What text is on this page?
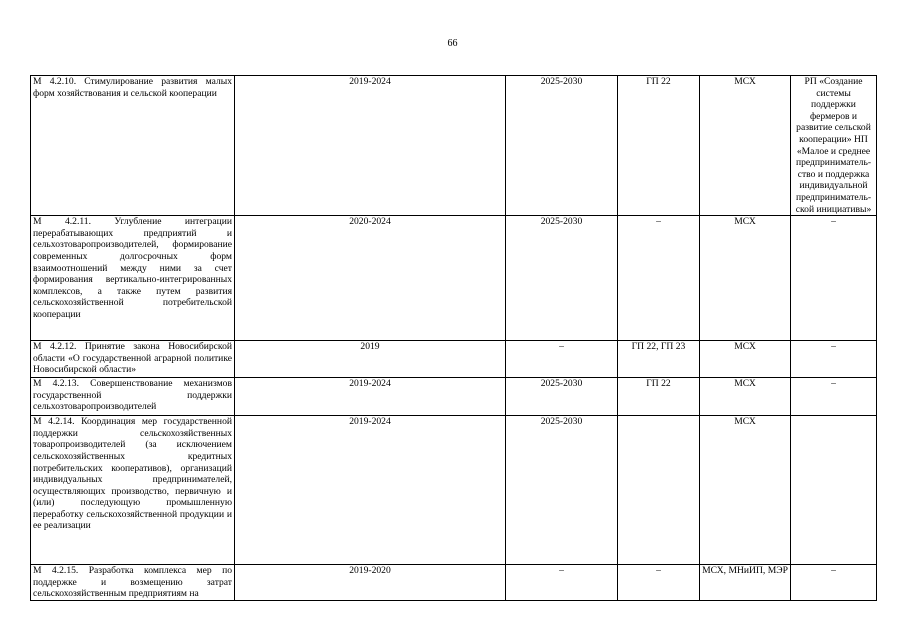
66
М 4.2.10. Стимулирование развития малых форм хозяйствования и сельской кооперации	2019-2024	2025-2030	ГП 22	МСХ	РП «Создание системы поддержки фермеров и развитие сельской кооперации» НП «Малое и среднее предприниматель-ство и поддержка индивидуальной предприниматель-ской инициативы»
М 4.2.11. Углубление интеграции перерабатывающих предприятий и сельхозтоваропроизводителей, формирование современных долгосрочных форм взаимоотношений между ними за счет формирования вертикально-интегрированных комплексов, а также путем развития сельскохозяйственной потребительской кооперации	2020-2024	2025-2030	–	МСХ	–
М 4.2.12. Принятие закона Новосибирской области «О государственной аграрной политике Новосибирской области»	2019	–	ГП 22, ГП 23	МСХ	–
М 4.2.13. Совершенствование механизмов государственной поддержки сельхозтоваропроизводителей	2019-2024	2025-2030	ГП 22	МСХ	–
М 4.2.14. Координация мер государственной поддержки сельскохозяйственных товаропроизводителей (за исключением сельскохозяйственных кредитных потребительских кооперативов), организаций индивидуальных предпринимателей, осуществляющих производство, первичную и (или) последующую промышленную переработку сельскохозяйственной продукции и ее реализации	2019-2024	2025-2030		МСХ	
М 4.2.15. Разработка комплекса мер по поддержке и возмещению затрат сельскохозяйственным предприятиям на	2019-2020	–	–	МСХ, МНиИП, МЭР	–
